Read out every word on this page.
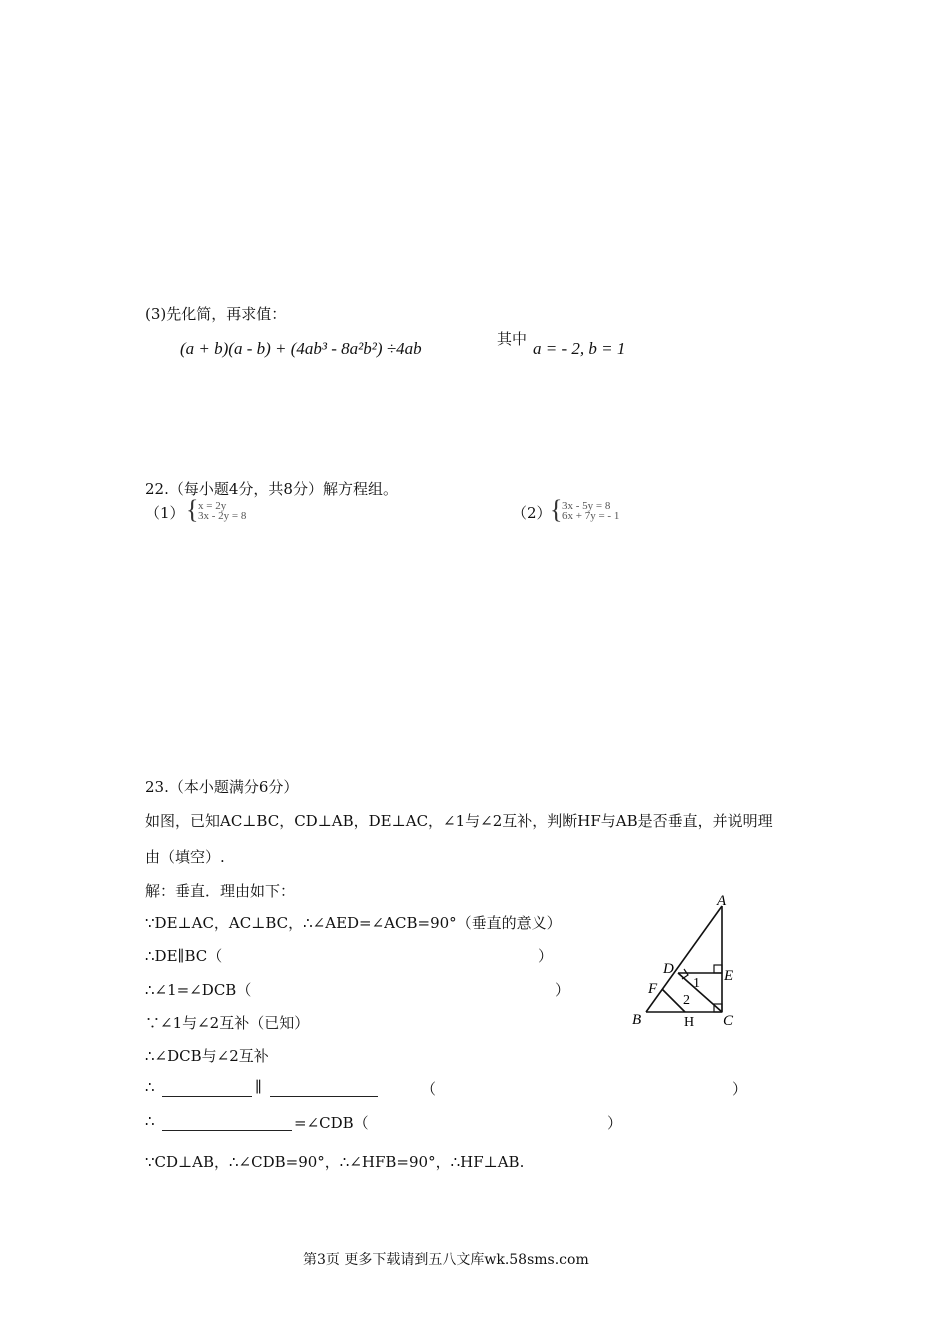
(3)先化简，再求值：
(a + b)(a - b) + (4ab³ - 8a²b²) ÷4ab	其中 a = - 2, b = 1
22.（每小题4分，共8分）解方程组。
（1） { x = 2y
3x - 2y = 8	（2）
{ 3x - 5y = 8
6x + 7y = - 1
23.（本小题满分6分）
如图，已知AC⊥BC，CD⊥AB，DE⊥AC，∠1与∠2互补，判断HF与AB是否垂直，并说明理
由（填空）.
解：垂直．理由如下：
∵DE⊥AC，AC⊥BC，∴∠AED=∠ACB=90°（垂直的意义）
∴DE∥BC（	）
∴∠1=∠DCB（	）
∵∠1与∠2互补（已知）
∴∠DCB与∠2互补
∴	∥	（	）
∴	=∠CDB（	）
∵CD⊥AB，∴∠CDB=90°，∴∠HFB=90°，∴HF⊥AB.
A
B	C
D	E
F
H
1
2
第3页 更多下载请到五八文库wk.58sms.com
